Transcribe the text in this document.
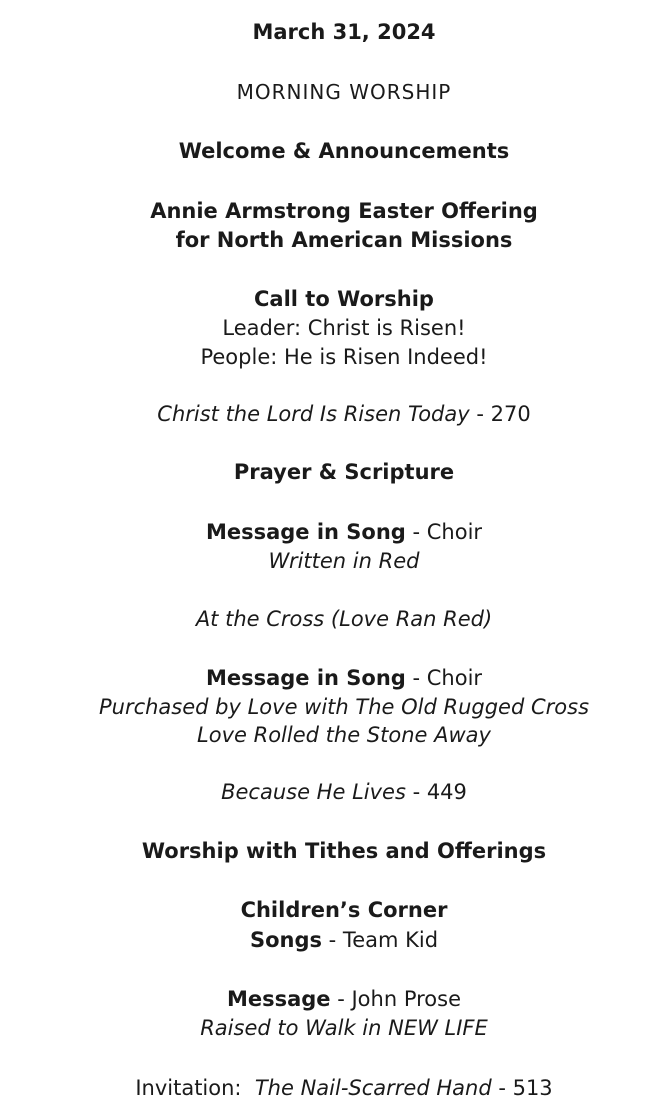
March 31, 2024
MORNING WORSHIP
Welcome & Announcements
Annie Armstrong Easter Offering
for North American Missions
Call to Worship
Leader: Christ is Risen!
People: He is Risen Indeed!
Christ the Lord Is Risen Today - 270
Prayer & Scripture
Message in Song - Choir
Written in Red
At the Cross (Love Ran Red)
Message in Song - Choir
Purchased by Love with The Old Rugged Cross
Love Rolled the Stone Away
Because He Lives - 449
Worship with Tithes and Offerings
Children’s Corner
Songs - Team Kid
Message - John Prose
Raised to Walk in NEW LIFE
Invitation: The Nail-Scarred Hand - 513
